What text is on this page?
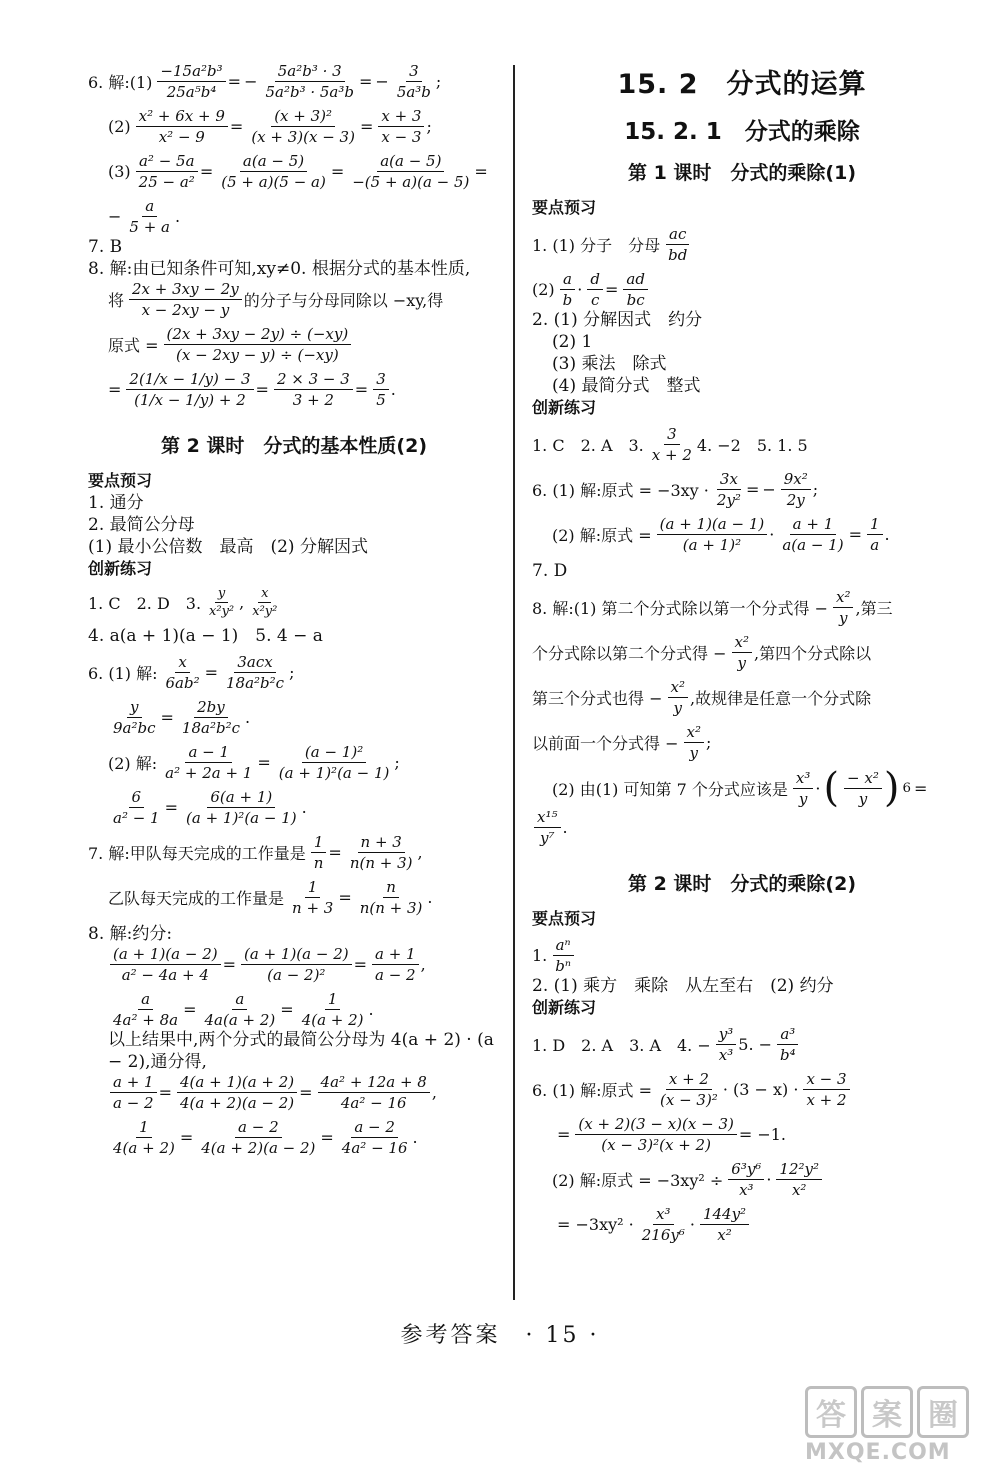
6. 解:(1) $\frac{\text{−15a²b³}}{\text{25a⁵b⁴}}$ = − $\frac{\text{5a²b³ · 3}}{\text{5a²b³ · 5a³b}}$ = − $\frac{3}{\text{5a³b}}$ ;
$(2) \frac{\text{x² + 6x + 9}}{\text{x² − 9}} = \frac{\text{(x + 3)²}}{(x + 3)(x - 3)} = \frac{x + 3}{x - 3}$ ;
$(3) \frac{\text{a² − 5a}}{\text{25 − a²}} = \frac{a(a - 5)}{(5 + a)(5 - a)} = \frac{a(a - 5)}{-(5 + a)(a - 5)}$ =
− $\frac{a}{5 + a}$ .

7. B

8. 解:由已知条件可知,xy≠0. 根据分式的基本性质,

将 $\frac{2x + 3xy - 2y}{x - 2xy - y}$ 的分子与分母同除以 −xy,得
原式 = $\frac{(2x + 3xy - 2y) \div (-xy)}{(x - 2xy - y) \div (-xy)}$
= $\frac{2(1/x - 1/y) - 3}{(1/x - 1/y) + 2} = \frac{2 \times 3 - 3}{3 + 2} = \frac{3}{5}$ .
第 2 课时　分式的基本性质(2)
要点预习

1. 通分

2. 最简公分母

(1) 最小公倍数　最高　(2) 分解因式

创新练习
1. C　2. D　3. $\frac{y}{\text{x²y²}}$ , $\frac{x}{\text{x²y²}}$

4. a(a + 1)(a − 1)　5. 4 − a

6. (1) 解: $\frac{x}{\text{6ab²}} = \frac{\text{3acx}}{\text{18a²b²c}}$ ;
$\frac{y}{\text{9a²bc}} = \frac{2by}{\text{18a²b²c}}$ .
(2) 解: $\frac{a - 1}{\text{a² + 2a + 1}} = \frac{\text{(a − 1)²}}{\text{(a + 1)²(a − 1)}}$ ;
$\frac{6}{\text{a² − 1}} = \frac{6(a + 1)}{\text{(a + 1)²(a − 1)}}$ .
7. 解:甲队每天完成的工作量是 $\frac{1}{n} = \frac{n + 3}{n(n + 3)}$ ,
乙队每天完成的工作量是 $\frac{1}{n + 3} = \frac{n}{n(n + 3)}$ .

8. 解:约分:

$\frac{(a + 1)(a - 2)}{\text{a² − 4a + 4}} = \frac{(a + 1)(a - 2)}{\text{(a − 2)²}} = \frac{a + 1}{a - 2}$ ,
$\frac{a}{\text{4a² + 8a}} = \frac{a}{4a(a + 2)} = \frac{1}{4(a + 2)}$ .

以上结果中,两个分式的最简公分母为 4(a + 2) · (a

− 2),通分得,

$\frac{a + 1}{a - 2} = \frac{4(a + 1)(a + 2)}{4(a + 2)(a - 2)} = \frac{\text{4a² + 12a + 8}}{\text{4a² − 16}}$ ,
$\frac{1}{4(a + 2)} = \frac{a - 2}{4(a + 2)(a - 2)} = \frac{a - 2}{\text{4a² − 16}}$ .
15. 2　分式的运算
15. 2. 1　分式的乘除
第 1 课时　分式的乘除(1)
要点预习
1. (1) 分子　分母 $\frac{ac}{bd}$
$(2) \frac{a}{b} \cdot \frac{d}{c} = \frac{ad}{bc}$

2. (1) 分解因式　约分

(2) 1

(3) 乘法　除式

(4) 最简分式　整式

创新练习
1. C　2. A　3. $\frac{3}{x + 2} 4$. −2　5. 1. 5
6. (1) 解:原式 = $-3xy \cdot \frac{3x}{\text{2y²}}$ = − $\frac{\text{9x²}}{2y}$ ;
(2) 解:原式 = $\frac{(a + 1)(a - 1)}{\text{(a + 1)²}} \cdot \frac{a + 1}{a(a - 1)} = \frac{1}{a}$ .

7. D

8. 解:(1) 第二个分式除以第一个分式得 − $\frac{\text{x²}}{y}$ ,第三
个分式除以第二个分式得 − $\frac{\text{x²}}{y}$ ,第四个分式除以
第三个分式也得 − $\frac{\text{x²}}{y}$ ,故规律是任意一个分式除
以前面一个分式得 − $\frac{\text{x²}}{y}$ ;
(2) 由(1) 可知第 7 个分式应该是 $\frac{\text{x³}}{y}$ · ( $\frac{\text{− x²}}{y}$ ) 6 =
$\frac{\text{x¹⁵}}{\text{y⁷}}$ .
第 2 课时　分式的乘除(2)
要点预习
1. $\frac{\text{aⁿ}}{\text{bⁿ}}$

2. (1) 乘方　乘除　从左至右　(2) 约分

创新练习
1. D　2. A　3. A　4. − $\frac{\text{y³}}{\text{x³}} 5$. − $\frac{\text{a³}}{\text{b⁴}}$
6. (1) 解:原式 = $\frac{x + 2}{\text{(x − 3)²}} \cdot (3 - x) \cdot \frac{x - 3}{x + 2}$
= $\frac{(x + 2)(3 - x)(x - 3)}{\text{(x − 3)²(x + 2)}} = -1$.
(2) 解:原式 = $-3xy^2 \div \frac{\text{6³y⁶}}{\text{x³}} \cdot \frac{\text{12²y²}}{\text{x²}}$
= $-3xy^2 \cdot \frac{\text{x³}}{\text{216y⁶}} \cdot \frac{\text{144y²}}{\text{x²}}$
参考答案　· 15 ·
答 案 圈
MXQE.COM
